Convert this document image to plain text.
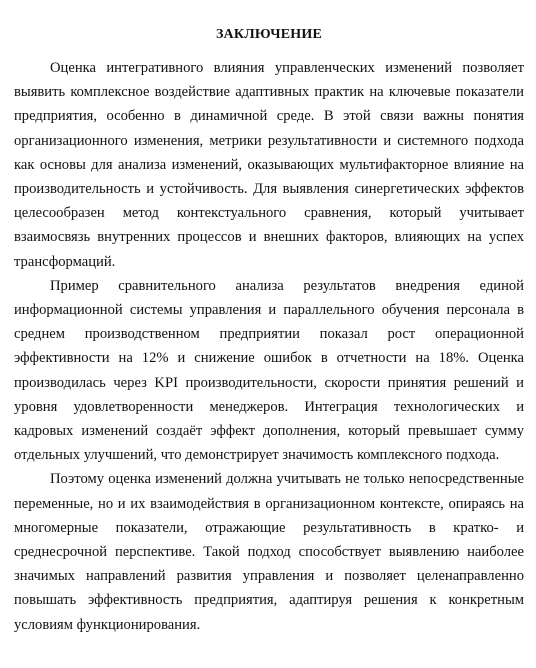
ЗАКЛЮЧЕНИЕ

Оценка интегративного влияния управленческих изменений позволяет выявить комплексное воздействие адаптивных практик на ключевые показатели предприятия, особенно в динамичной среде. В этой связи важны понятия организационного изменения, метрики результативности и системного подхода как основы для анализа изменений, оказывающих мультифакторное влияние на производительность и устойчивость. Для выявления синергетических эффектов целесообразен метод контекстуального сравнения, который учитывает взаимосвязь внутренних процессов и внешних факторов, влияющих на успех трансформаций.

Пример сравнительного анализа результатов внедрения единой информационной системы управления и параллельного обучения персонала в среднем производственном предприятии показал рост операционной эффективности на 12% и снижение ошибок в отчетности на 18%. Оценка производилась через KPI производительности, скорости принятия решений и уровня удовлетворенности менеджеров. Интеграция технологических и кадровых изменений создаёт эффект дополнения, который превышает сумму отдельных улучшений, что демонстрирует значимость комплексного подхода.

Поэтому оценка изменений должна учитывать не только непосредственные переменные, но и их взаимодействия в организационном контексте, опираясь на многомерные показатели, отражающие результативность в кратко- и среднесрочной перспективе. Такой подход способствует выявлению наиболее значимых направлений развития управления и позволяет целенаправленно повышать эффективность предприятия, адаптируя решения к конкретным условиям функционирования.
